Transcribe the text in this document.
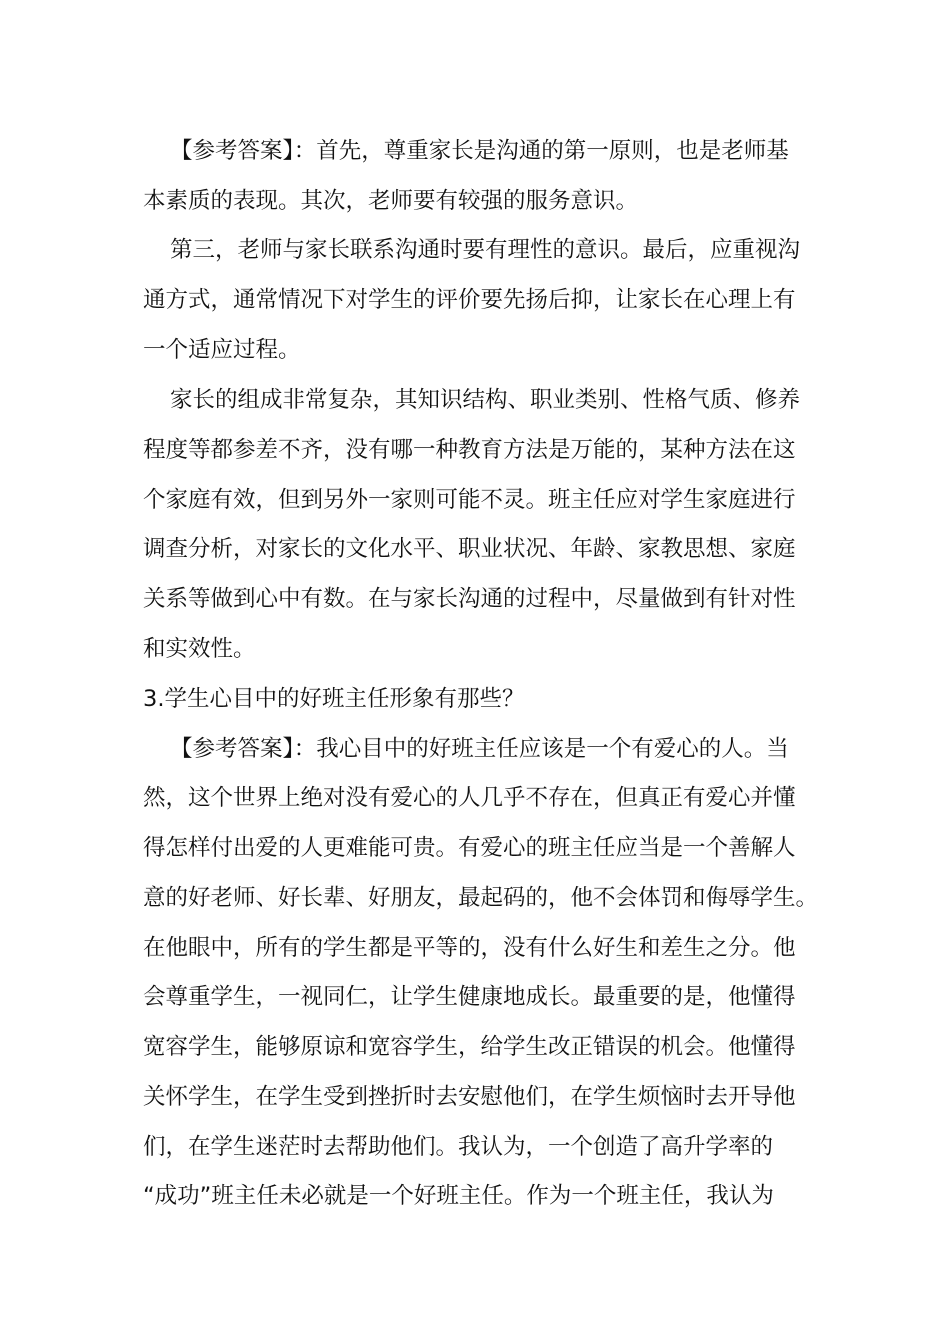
【参考答案】：首先，尊重家长是沟通的第一原则，也是老师基
本素质的表现。其次，老师要有较强的服务意识。
第三，老师与家长联系沟通时要有理性的意识。最后，应重视沟
通方式，通常情况下对学生的评价要先扬后抑，让家长在心理上有
一个适应过程。
家长的组成非常复杂，其知识结构、职业类别、性格气质、修养
程度等都参差不齐，没有哪一种教育方法是万能的，某种方法在这
个家庭有效，但到另外一家则可能不灵。班主任应对学生家庭进行
调查分析，对家长的文化水平、职业状况、年龄、家教思想、家庭
关系等做到心中有数。在与家长沟通的过程中，尽量做到有针对性
和实效性。
3.学生心目中的好班主任形象有那些？
【参考答案】：我心目中的好班主任应该是一个有爱心的人。当
然，这个世界上绝对没有爱心的人几乎不存在，但真正有爱心并懂
得怎样付出爱的人更难能可贵。有爱心的班主任应当是一个善解人
意的好老师、好长辈、好朋友，最起码的，他不会体罚和侮辱学生。
在他眼中，所有的学生都是平等的，没有什么好生和差生之分。他
会尊重学生，一视同仁，让学生健康地成长。最重要的是，他懂得
宽容学生，能够原谅和宽容学生，给学生改正错误的机会。他懂得
关怀学生，在学生受到挫折时去安慰他们，在学生烦恼时去开导他
们，在学生迷茫时去帮助他们。我认为，一个创造了高升学率的
“成功”班主任未必就是一个好班主任。作为一个班主任，我认为
